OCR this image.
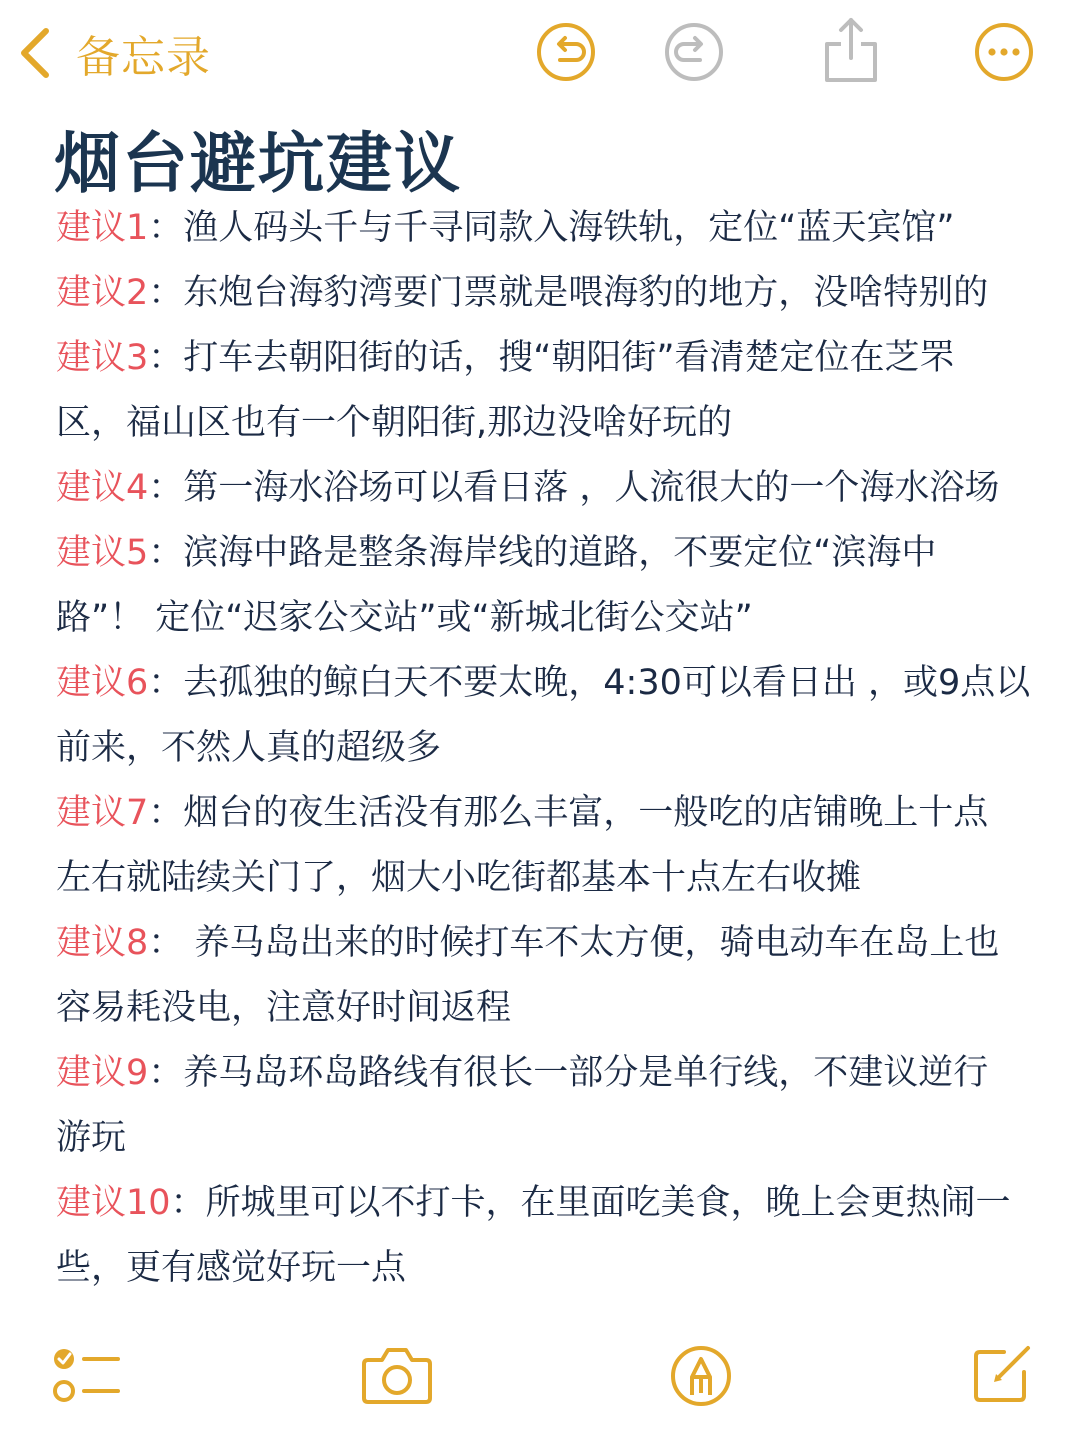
备忘录
烟台避坑建议
建议1：渔人码头千与千寻同款入海铁轨，定位“蓝天宾馆”
建议2：东炮台海豹湾要门票就是喂海豹的地方，没啥特别的
建议3：打车去朝阳街的话，搜“朝阳街”看清楚定位在芝罘
区，福山区也有一个朝阳街,那边没啥好玩的
建议4：第一海水浴场可以看日落 ，人流很大的一个海水浴场
建议5：滨海中路是整条海岸线的道路，不要定位“滨海中
路”！ 定位“迟家公交站”或“新城北街公交站”
建议6：去孤独的鲸白天不要太晚，4:30可以看日出 ，或9点以
前来，不然人真的超级多
建议7：烟台的夜生活没有那么丰富，一般吃的店铺晚上十点
左右就陆续关门了，烟大小吃街都基本十点左右收摊
建议8： 养马岛出来的时候打车不太方便，骑电动车在岛上也
容易耗没电，注意好时间返程
建议9：养马岛环岛路线有很长一部分是单行线，不建议逆行
游玩
建议10：所城里可以不打卡，在里面吃美食，晚上会更热闹一
些，更有感觉好玩一点
